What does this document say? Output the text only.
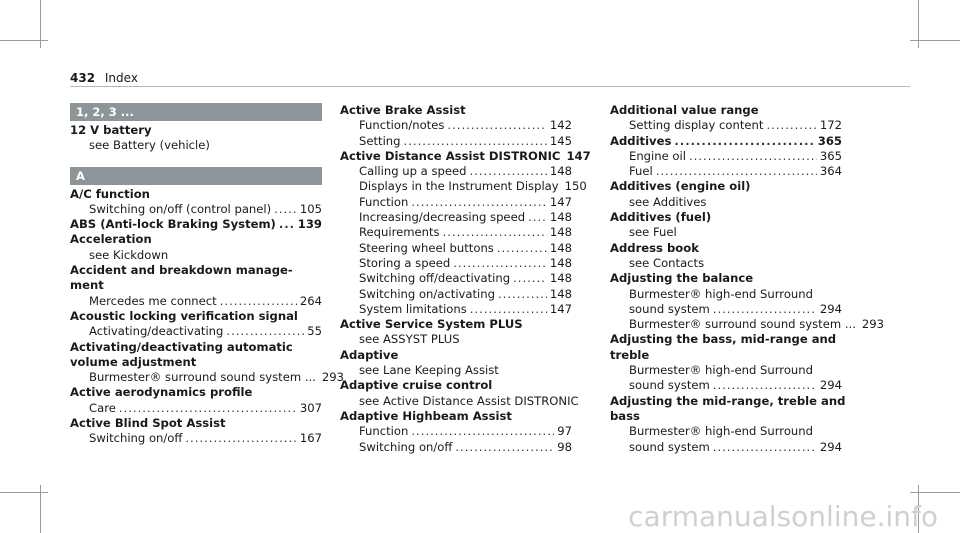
432 Index
1, 2, 3 ...
12 V battery
see Battery (vehicle)
A
A/C function
Switching on/off (control panel) ..... 105
ABS (Anti-lock Braking System) ..... 139
Acceleration
see Kickdown
Accident and breakdown manage-
ment
Mercedes me connect .....	264
Acoustic locking verification signal
Activating/deactivating .....	55
Activating/deactivating automatic
volume adjustment
Burmester® surround sound system ... 293
Active aerodynamics profile
Care .....	307
Active Blind Spot Assist
Switching on/off .....	167
Active Brake Assist
Function/notes .....	142
Setting .....	145
Active Distance Assist DISTRONIC 147
Calling up a speed .....	148
Displays in the Instrument Display 150
Function .....	147
Increasing/decreasing speed ..... 148
Requirements .....	148
Steering wheel buttons .....	148
Storing a speed .....	148
Switching off/deactivating .....	148
Switching on/activating .....	148
System limitations .....	147
Active Service System PLUS
see ASSYST PLUS
Adaptive
see Lane Keeping Assist
Adaptive cruise control
see Active Distance Assist DISTRONIC
Adaptive Highbeam Assist
Function .....	97
Switching on/off .....	98
Additional value range
Setting display content .....	172
Additives .....	365
Engine oil .....	365
Fuel .....	364
Additives (engine oil)
see Additives
Additives (fuel)
see Fuel
Address book
see Contacts
Adjusting the balance
Burmester® high-end Surround
sound system .....	294
Burmester® surround sound system ... 293
Adjusting the bass, mid-range and
treble
Burmester® high-end Surround
sound system .....	294
Adjusting the mid-range, treble and
bass
Burmester® high-end Surround
sound system .....	294
carmanualsonline.info
